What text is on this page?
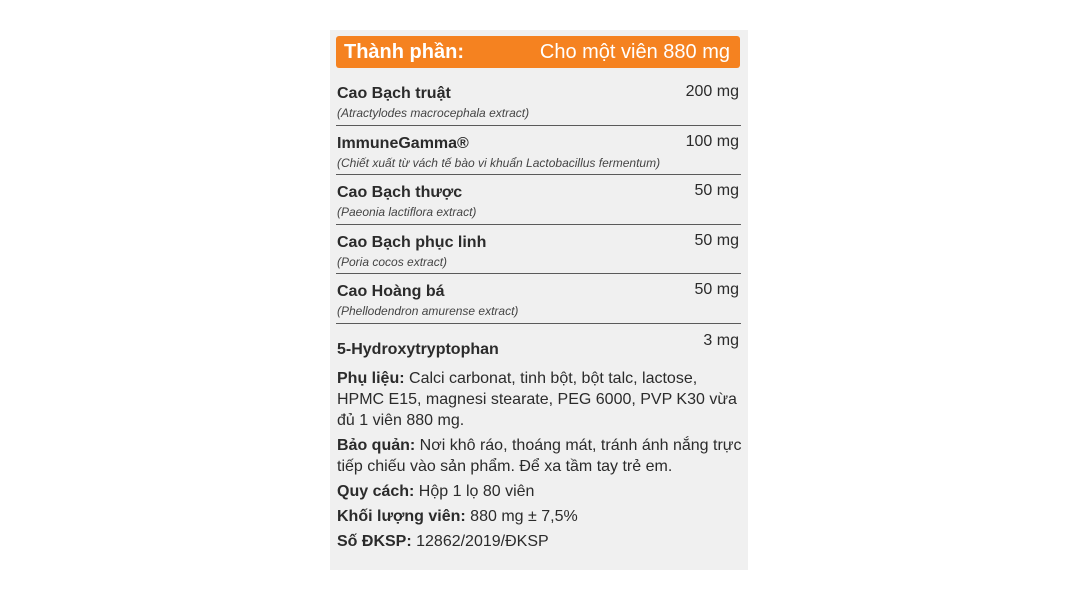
Thành phần:	Cho một viên 880 mg
Cao Bạch truật
(Atractylodes macrocephala extract)
200 mg
ImmuneGamma®
(Chiết xuất từ vách tế bào vi khuẩn Lactobacillus fermentum)
100 mg
Cao Bạch thược
(Paeonia lactiflora extract)
50 mg
Cao Bạch phục linh
(Poria cocos extract)
50 mg
Cao Hoàng bá
(Phellodendron amurense extract)
50 mg
5-Hydroxytryptophan
3 mg

Phụ liệu: Calci carbonat, tinh bột, bột talc, lactose, HPMC E15, magnesi stearate, PEG 6000, PVP K30 vừa đủ 1 viên 880 mg.

Bảo quản: Nơi khô ráo, thoáng mát, tránh ánh nắng trực tiếp chiếu vào sản phẩm. Để xa tầm tay trẻ em.

Quy cách: Hộp 1 lọ 80 viên

Khối lượng viên: 880 mg ± 7,5%

Số ĐKSP: 12862/2019/ĐKSP
